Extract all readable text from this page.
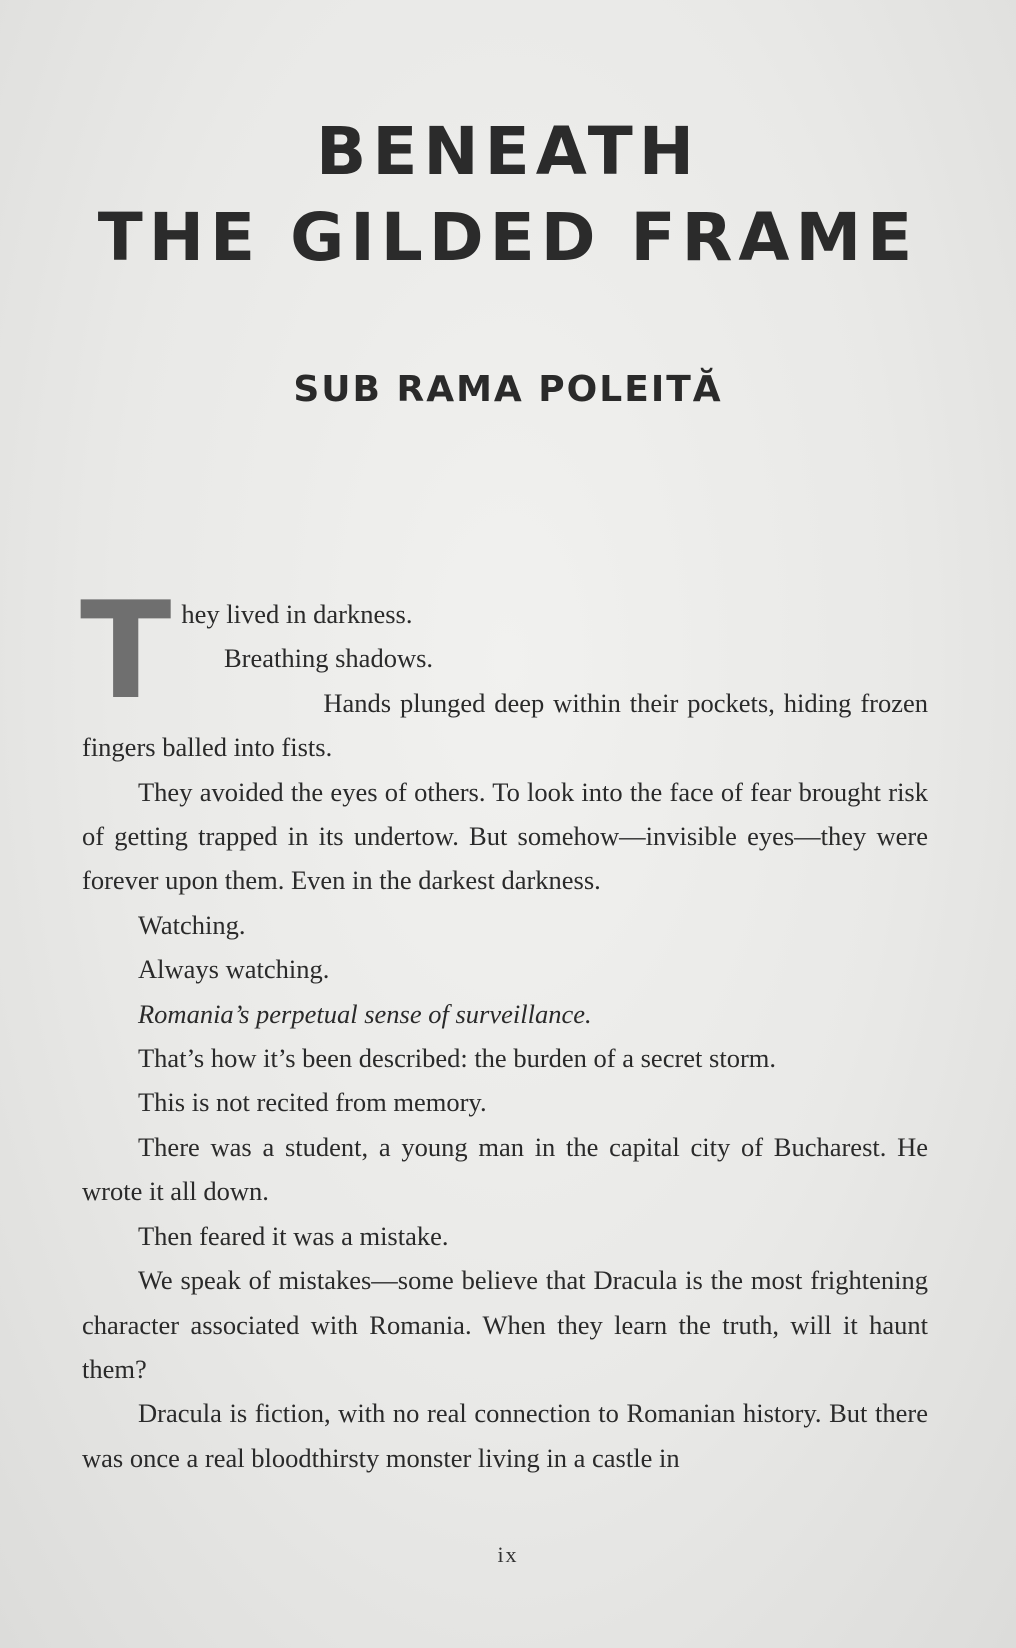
BENEATH
THE GILDED FRAME
SUB RAMA POLEITĂ

They lived in darkness.

Breathing shadows.

Hands plunged deep within their pockets, hiding frozen fingers balled into fists.

They avoided the eyes of others. To look into the face of fear brought risk of getting trapped in its undertow. But somehow—invisible eyes—they were forever upon them. Even in the darkest darkness.

Watching.

Always watching.

Romania’s perpetual sense of surveillance.

That’s how it’s been described: the burden of a secret storm.

This is not recited from memory.

There was a student, a young man in the capital city of Bucharest. He wrote it all down.

Then feared it was a mistake.

We speak of mistakes—some believe that Dracula is the most frightening character associated with Romania. When they learn the truth, will it haunt them?

Dracula is fiction, with no real connection to Romanian history. But there was once a real bloodthirsty monster living in a castle in

ix
